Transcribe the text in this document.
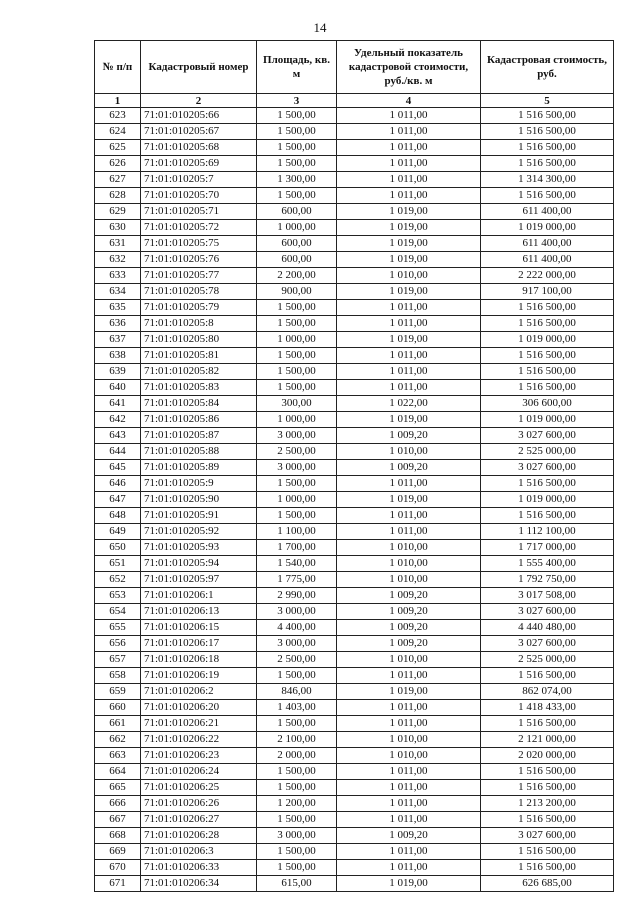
14
№ п/п	Кадастровый номер	Площадь, кв. м	Удельный показатель кадастровой стоимости, руб./кв. м	Кадастровая стоимость, руб.
1	2	3	4	5
623	71:01:010205:66	1 500,00	1 011,00	1 516 500,00
624	71:01:010205:67	1 500,00	1 011,00	1 516 500,00
625	71:01:010205:68	1 500,00	1 011,00	1 516 500,00
626	71:01:010205:69	1 500,00	1 011,00	1 516 500,00
627	71:01:010205:7	1 300,00	1 011,00	1 314 300,00
628	71:01:010205:70	1 500,00	1 011,00	1 516 500,00
629	71:01:010205:71	600,00	1 019,00	611 400,00
630	71:01:010205:72	1 000,00	1 019,00	1 019 000,00
631	71:01:010205:75	600,00	1 019,00	611 400,00
632	71:01:010205:76	600,00	1 019,00	611 400,00
633	71:01:010205:77	2 200,00	1 010,00	2 222 000,00
634	71:01:010205:78	900,00	1 019,00	917 100,00
635	71:01:010205:79	1 500,00	1 011,00	1 516 500,00
636	71:01:010205:8	1 500,00	1 011,00	1 516 500,00
637	71:01:010205:80	1 000,00	1 019,00	1 019 000,00
638	71:01:010205:81	1 500,00	1 011,00	1 516 500,00
639	71:01:010205:82	1 500,00	1 011,00	1 516 500,00
640	71:01:010205:83	1 500,00	1 011,00	1 516 500,00
641	71:01:010205:84	300,00	1 022,00	306 600,00
642	71:01:010205:86	1 000,00	1 019,00	1 019 000,00
643	71:01:010205:87	3 000,00	1 009,20	3 027 600,00
644	71:01:010205:88	2 500,00	1 010,00	2 525 000,00
645	71:01:010205:89	3 000,00	1 009,20	3 027 600,00
646	71:01:010205:9	1 500,00	1 011,00	1 516 500,00
647	71:01:010205:90	1 000,00	1 019,00	1 019 000,00
648	71:01:010205:91	1 500,00	1 011,00	1 516 500,00
649	71:01:010205:92	1 100,00	1 011,00	1 112 100,00
650	71:01:010205:93	1 700,00	1 010,00	1 717 000,00
651	71:01:010205:94	1 540,00	1 010,00	1 555 400,00
652	71:01:010205:97	1 775,00	1 010,00	1 792 750,00
653	71:01:010206:1	2 990,00	1 009,20	3 017 508,00
654	71:01:010206:13	3 000,00	1 009,20	3 027 600,00
655	71:01:010206:15	4 400,00	1 009,20	4 440 480,00
656	71:01:010206:17	3 000,00	1 009,20	3 027 600,00
657	71:01:010206:18	2 500,00	1 010,00	2 525 000,00
658	71:01:010206:19	1 500,00	1 011,00	1 516 500,00
659	71:01:010206:2	846,00	1 019,00	862 074,00
660	71:01:010206:20	1 403,00	1 011,00	1 418 433,00
661	71:01:010206:21	1 500,00	1 011,00	1 516 500,00
662	71:01:010206:22	2 100,00	1 010,00	2 121 000,00
663	71:01:010206:23	2 000,00	1 010,00	2 020 000,00
664	71:01:010206:24	1 500,00	1 011,00	1 516 500,00
665	71:01:010206:25	1 500,00	1 011,00	1 516 500,00
666	71:01:010206:26	1 200,00	1 011,00	1 213 200,00
667	71:01:010206:27	1 500,00	1 011,00	1 516 500,00
668	71:01:010206:28	3 000,00	1 009,20	3 027 600,00
669	71:01:010206:3	1 500,00	1 011,00	1 516 500,00
670	71:01:010206:33	1 500,00	1 011,00	1 516 500,00
671	71:01:010206:34	615,00	1 019,00	626 685,00
